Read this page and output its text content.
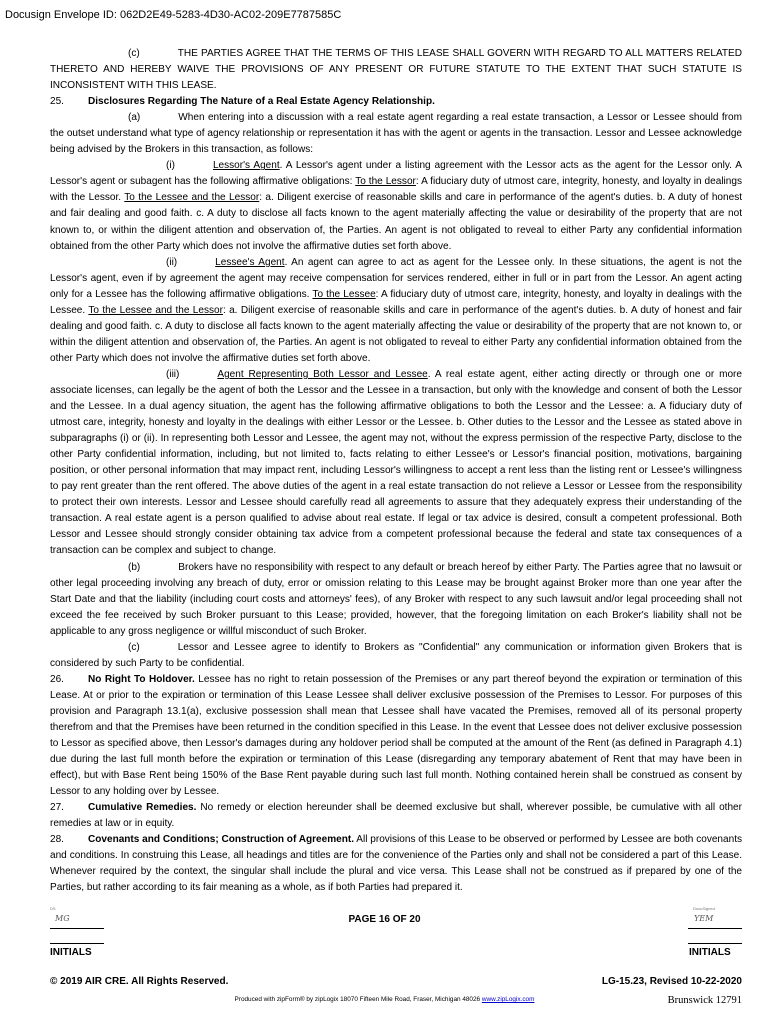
Docusign Envelope ID: 062D2E49-5283-4D30-AC02-209E7787585C

(c)	THE PARTIES AGREE THAT THE TERMS OF THIS LEASE SHALL GOVERN WITH REGARD TO ALL MATTERS RELATED THERETO AND HEREBY WAIVE THE PROVISIONS OF ANY PRESENT OR FUTURE STATUTE TO THE EXTENT THAT SUCH STATUTE IS INCONSISTENT WITH THIS LEASE.

25. Disclosures Regarding The Nature of a Real Estate Agency Relationship.

(a)	When entering into a discussion with a real estate agent regarding a real estate transaction, a Lessor or Lessee should from the outset understand what type of agency relationship or representation it has with the agent or agents in the transaction. Lessor and Lessee acknowledge being advised by the Brokers in this transaction, as follows:

(i)	Lessor's Agent. A Lessor's agent under a listing agreement with the Lessor acts as the agent for the Lessor only. A Lessor's agent or subagent has the following affirmative obligations: To the Lessor: A fiduciary duty of utmost care, integrity, honesty, and loyalty in dealings with the Lessor. To the Lessee and the Lessor: a. Diligent exercise of reasonable skills and care in performance of the agent's duties. b. A duty of honest and fair dealing and good faith. c. A duty to disclose all facts known to the agent materially affecting the value or desirability of the property that are not known to, or within the diligent attention and observation of, the Parties. An agent is not obligated to reveal to either Party any confidential information obtained from the other Party which does not involve the affirmative duties set forth above.

(ii)	Lessee's Agent. An agent can agree to act as agent for the Lessee only. In these situations, the agent is not the Lessor's agent, even if by agreement the agent may receive compensation for services rendered, either in full or in part from the Lessor. An agent acting only for a Lessee has the following affirmative obligations. To the Lessee: A fiduciary duty of utmost care, integrity, honesty, and loyalty in dealings with the Lessee. To the Lessee and the Lessor: a. Diligent exercise of reasonable skills and care in performance of the agent's duties. b. A duty of honest and fair dealing and good faith. c. A duty to disclose all facts known to the agent materially affecting the value or desirability of the property that are not known to, or within the diligent attention and observation of, the Parties. An agent is not obligated to reveal to either Party any confidential information obtained from the other Party which does not involve the affirmative duties set forth above.

(iii)	Agent Representing Both Lessor and Lessee. A real estate agent, either acting directly or through one or more associate licenses, can legally be the agent of both the Lessor and the Lessee in a transaction, but only with the knowledge and consent of both the Lessor and the Lessee. In a dual agency situation, the agent has the following affirmative obligations to both the Lessor and the Lessee: a. A fiduciary duty of utmost care, integrity, honesty and loyalty in the dealings with either Lessor or the Lessee. b. Other duties to the Lessor and the Lessee as stated above in subparagraphs (i) or (ii). In representing both Lessor and Lessee, the agent may not, without the express permission of the respective Party, disclose to the other Party confidential information, including, but not limited to, facts relating to either Lessee's or Lessor's financial position, motivations, bargaining position, or other personal information that may impact rent, including Lessor's willingness to accept a rent less than the listing rent or Lessee's willingness to pay rent greater than the rent offered. The above duties of the agent in a real estate transaction do not relieve a Lessor or Lessee from the responsibility to protect their own interests. Lessor and Lessee should carefully read all agreements to assure that they adequately express their understanding of the transaction. A real estate agent is a person qualified to advise about real estate. If legal or tax advice is desired, consult a competent professional. Both Lessor and Lessee should strongly consider obtaining tax advice from a competent professional because the federal and state tax consequences of a transaction can be complex and subject to change.

(b)	Brokers have no responsibility with respect to any default or breach hereof by either Party. The Parties agree that no lawsuit or other legal proceeding involving any breach of duty, error or omission relating to this Lease may be brought against Broker more than one year after the Start Date and that the liability (including court costs and attorneys' fees), of any Broker with respect to any such lawsuit and/or legal proceeding shall not exceed the fee received by such Broker pursuant to this Lease; provided, however, that the foregoing limitation on each Broker's liability shall not be applicable to any gross negligence or willful misconduct of such Broker.

(c)	Lessor and Lessee agree to identify to Brokers as "Confidential" any communication or information given Brokers that is considered by such Party to be confidential.

26. No Right To Holdover. Lessee has no right to retain possession of the Premises or any part thereof beyond the expiration or termination of this Lease. At or prior to the expiration or termination of this Lease Lessee shall deliver exclusive possession of the Premises to Lessor. For purposes of this provision and Paragraph 13.1(a), exclusive possession shall mean that Lessee shall have vacated the Premises, removed all of its personal property therefrom and that the Premises have been returned in the condition specified in this Lease. In the event that Lessee does not deliver exclusive possession to Lessor as specified above, then Lessor's damages during any holdover period shall be computed at the amount of the Rent (as defined in Paragraph 4.1) due during the last full month before the expiration or termination of this Lease (disregarding any temporary abatement of Rent that may have been in effect), but with Base Rent being 150% of the Base Rent payable during such last full month. Nothing contained herein shall be construed as consent by Lessor to any holding over by Lessee.

27. Cumulative Remedies. No remedy or election hereunder shall be deemed exclusive but shall, wherever possible, be cumulative with all other remedies at law or in equity.

28. Covenants and Conditions; Construction of Agreement. All provisions of this Lease to be observed or performed by Lessee are both covenants and conditions. In construing this Lease, all headings and titles are for the convenience of the Parties only and shall not be considered a part of this Lease. Whenever required by the context, the singular shall include the plural and vice versa. This Lease shall not be construed as if prepared by one of the Parties, but rather according to its fair meaning as a whole, as if both Parties had prepared it.

DS
MG
INITIALS
PAGE 16 OF 20
DocuSigned
YEM
INITIALS
© 2019 AIR CRE. All Rights Reserved.	LG-15.23, Revised 10-22-2020
Produced with zipForm® by zipLogix 18070 Fifteen Mile Road, Fraser, Michigan 48026 www.zipLogix.com	Brunswick 12791
